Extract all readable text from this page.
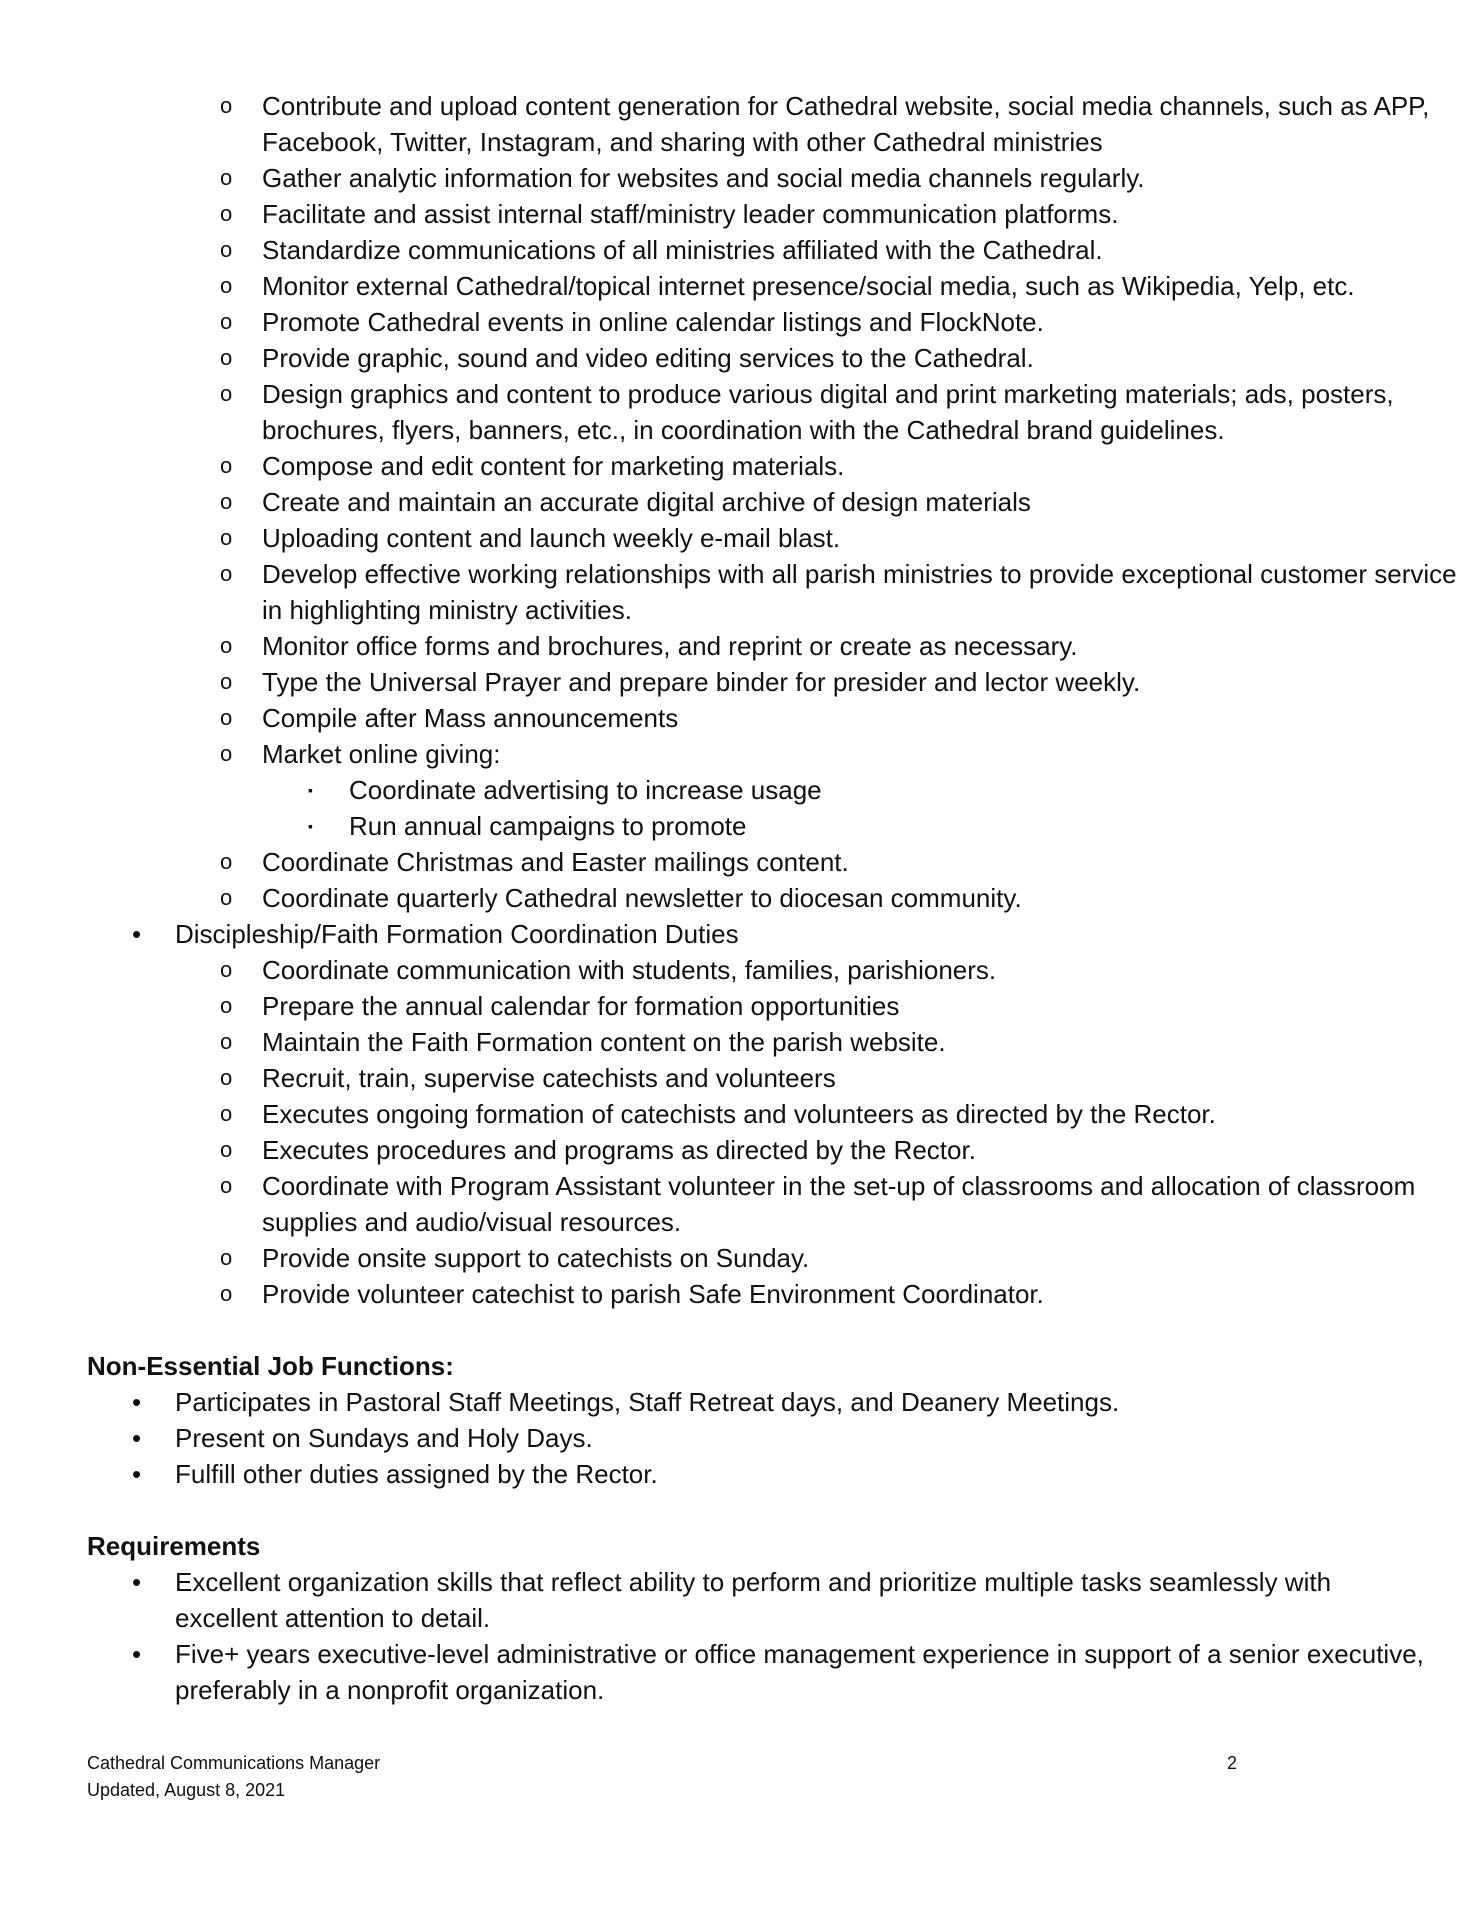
o Contribute and upload content generation for Cathedral website, social media channels, such as APP, Facebook, Twitter, Instagram, and sharing with other Cathedral ministries
o Gather analytic information for websites and social media channels regularly.
o Facilitate and assist internal staff/ministry leader communication platforms.
o Standardize communications of all ministries affiliated with the Cathedral.
o Monitor external Cathedral/topical internet presence/social media, such as Wikipedia, Yelp, etc.
o Promote Cathedral events in online calendar listings and FlockNote.
o Provide graphic, sound and video editing services to the Cathedral.
o Design graphics and content to produce various digital and print marketing materials; ads, posters, brochures, flyers, banners, etc., in coordination with the Cathedral brand guidelines.
o Compose and edit content for marketing materials.
o Create and maintain an accurate digital archive of design materials
o Uploading content and launch weekly e-mail blast.
o Develop effective working relationships with all parish ministries to provide exceptional customer service in highlighting ministry activities.
o Monitor office forms and brochures, and reprint or create as necessary.
o Type the Universal Prayer and prepare binder for presider and lector weekly.
o Compile after Mass announcements
o Market online giving:
▪ Coordinate advertising to increase usage
▪ Run annual campaigns to promote
o Coordinate Christmas and Easter mailings content.
o Coordinate quarterly Cathedral newsletter to diocesan community.
• Discipleship/Faith Formation Coordination Duties
o Coordinate communication with students, families, parishioners.
o Prepare the annual calendar for formation opportunities
o Maintain the Faith Formation content on the parish website.
o Recruit, train, supervise catechists and volunteers
o Executes ongoing formation of catechists and volunteers as directed by the Rector.
o Executes procedures and programs as directed by the Rector.
o Coordinate with Program Assistant volunteer in the set-up of classrooms and allocation of classroom supplies and audio/visual resources.
o Provide onsite support to catechists on Sunday.
o Provide volunteer catechist to parish Safe Environment Coordinator.
Non-Essential Job Functions:
• Participates in Pastoral Staff Meetings, Staff Retreat days, and Deanery Meetings.
• Present on Sundays and Holy Days.
• Fulfill other duties assigned by the Rector.
Requirements
• Excellent organization skills that reflect ability to perform and prioritize multiple tasks seamlessly with excellent attention to detail.
• Five+ years executive-level administrative or office management experience in support of a senior executive, preferably in a nonprofit organization.
Cathedral Communications Manager
Updated, August 8, 2021
2
